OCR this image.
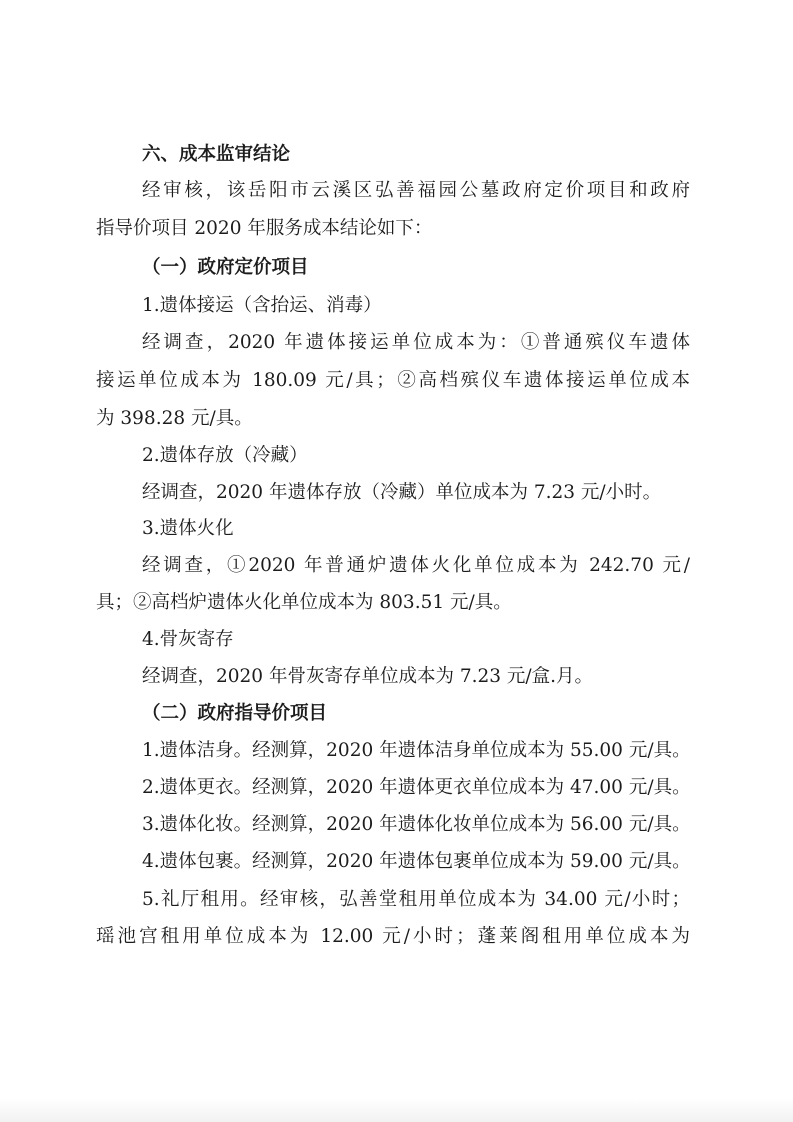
六、成本监审结论
经审核，该岳阳市云溪区弘善福园公墓政府定价项目和政府
指导价项目 2020 年服务成本结论如下：
（一）政府定价项目
1.遗体接运（含抬运、消毒）
经调查，2020 年遗体接运单位成本为：①普通殡仪车遗体
接运单位成本为 180.09 元/具；②高档殡仪车遗体接运单位成本
为 398.28 元/具。
2.遗体存放（冷藏）
经调查，2020 年遗体存放（冷藏）单位成本为 7.23 元/小时。
3.遗体火化
经调查，①2020 年普通炉遗体火化单位成本为 242.70 元/
具；②高档炉遗体火化单位成本为 803.51 元/具。
4.骨灰寄存
经调查，2020 年骨灰寄存单位成本为 7.23 元/盒.月。
（二）政府指导价项目
1.遗体洁身。经测算，2020 年遗体洁身单位成本为 55.00 元/具。
2.遗体更衣。经测算，2020 年遗体更衣单位成本为 47.00 元/具。
3.遗体化妆。经测算，2020 年遗体化妆单位成本为 56.00 元/具。
4.遗体包裹。经测算，2020 年遗体包裹单位成本为 59.00 元/具。
5.礼厅租用。经审核，弘善堂租用单位成本为 34.00 元/小时；
瑶池宫租用单位成本为 12.00 元/小时；蓬莱阁租用单位成本为
